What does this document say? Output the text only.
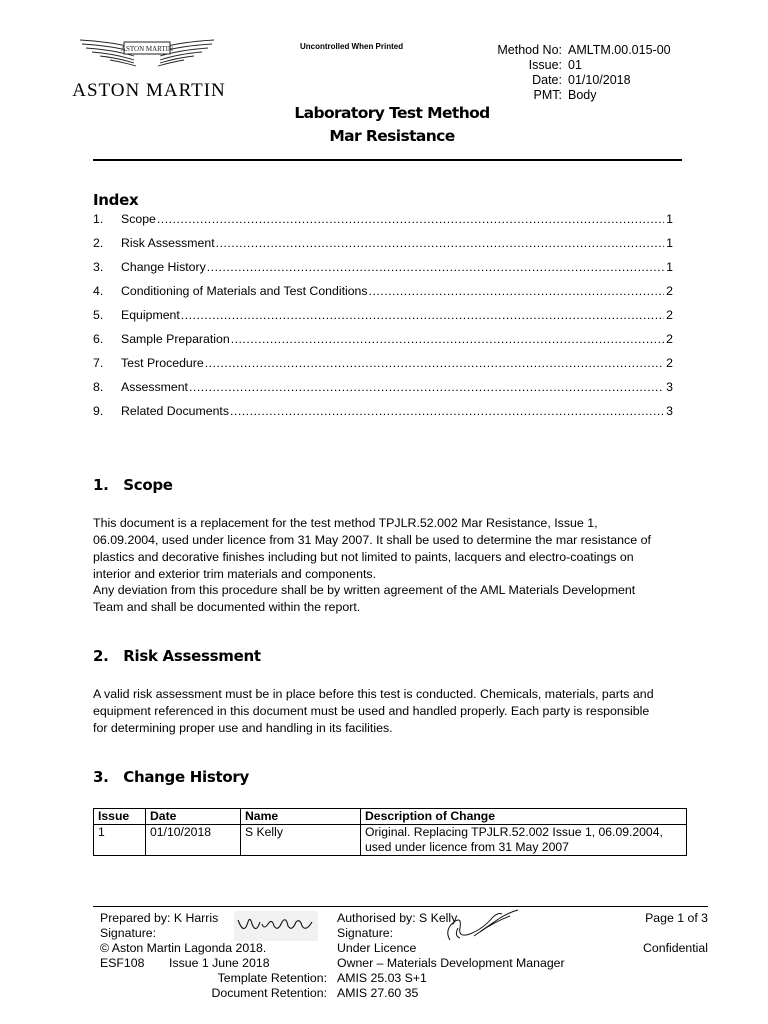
ASTON MARTIN
ASTON MARTIN
Uncontrolled When Printed	Method No: AMLTM.00.015-00
Issue: 01
Date: 01/10/2018
PMT: Body
Laboratory Test Method
Mar Resistance
Index
1.	Scope .....	1
2.	Risk Assessment .....	1
3.	Change History .....	1
4.	Conditioning of Materials and Test Conditions .....	2
5.	Equipment .....	2
6.	Sample Preparation .....	2
7.	Test Procedure .....	2
8.	Assessment .....	3
9.	Related Documents .....	3
1. Scope
This document is a replacement for the test method TPJLR.52.002 Mar Resistance, Issue 1, 06.09.2004, used under licence from 31 May 2007. It shall be used to determine the mar resistance of plastics and decorative finishes including but not limited to paints, lacquers and electro-coatings on interior and exterior trim materials and components.
Any deviation from this procedure shall be by written agreement of the AML Materials Development Team and shall be documented within the report.
2. Risk Assessment
A valid risk assessment must be in place before this test is conducted. Chemicals, materials, parts and equipment referenced in this document must be used and handled properly. Each party is responsible for determining proper use and handling in its facilities.
3. Change History
Issue	Date	Name	Description of Change
1	01/10/2018	S Kelly	Original. Replacing TPJLR.52.002 Issue 1, 06.09.2004, used under licence from 31 May 2007
Prepared by: K Harris
Signature:
© Aston Martin Lagonda 2018.
ESF108  Issue 1 June 2018
Template Retention:
Document Retention:
Authorised by: S Kelly
Signature:
Under Licence
Owner – Materials Development Manager
AMIS 25.03 S+1
AMIS 27.60 35
Page 1 of 3

Confidential
